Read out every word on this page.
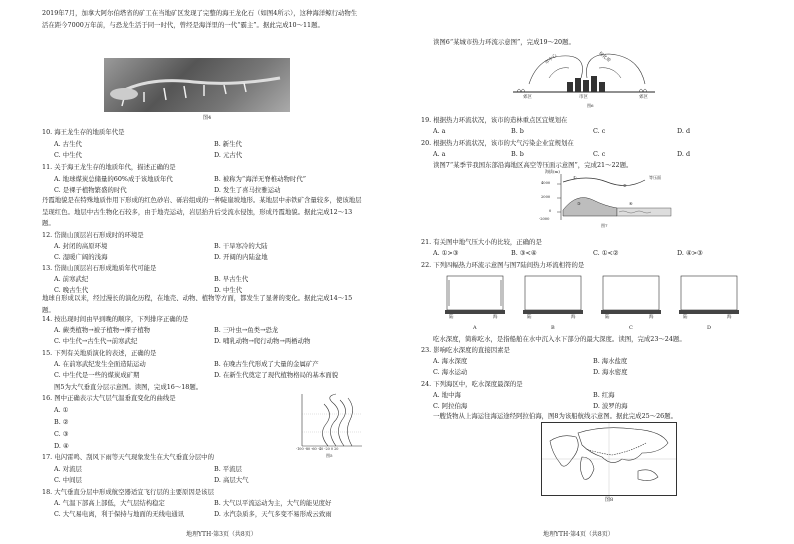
2019年7月，加拿大阿尔伯塔省的矿工在当地矿区发现了完整的海王龙化石（如图4所示），这种海洋鲸行动物生活在距今7000万年前，与恐龙生活于同一时代，曾经是海洋里的一代“霸主”。据此完成10～11题。
图4
10. 海王龙生存的地质年代是
A. 古生代	B. 新生代
C. 中生代	D. 元古代
11. 关于海王龙生存的地质年代，描述正确的是
A. 地球煤炭总储量的60%成于该地质年代	B. 被称为“海洋无脊椎动物时代”
C. 是裸子植物繁盛的时代	D. 发生了喜马拉雅运动
丹霞地貌是在特殊地质作用下形成的红色砂岩、砾岩组成的一种陡崖坡地形。某地层中赤铁矿含量较多，使该地层呈现红色。地层中古生物化石较多，由于地壳运动，岩层抬升后受流水侵蚀，形成丹霞地貌。据此完成12～13题。
12. 岱崮山顶层岩石形成时的环境是
A. 封闭的高原环境	B. 干旱寒冷的大陆
C. 湿暖广阔的浅海	D. 开阔的内陆盆地
13. 岱崮山顶层岩石形成地质年代可能是
A. 前寒武纪	B. 早古生代
C. 晚古生代	D. 中生代
地球自形成以来，经过漫长的演化历程，在地壳、动物、植物等方面，都发生了显著的变化。据此完成14～15题。
14. 按出现时间由早到晚的顺序，下列排序正确的是
A. 蕨类植物→被子植物→裸子植物	B. 三叶虫→鱼类→恐龙
C. 中生代→古生代→前寒武纪	D. 哺乳动物→爬行动物→两栖动物
15. 下列有关地质演化的表述，正确的是
A. 在前寒武纪发生全面造陆运动	B. 在晚古生代形成了大量的金属矿产
C. 中生代是一些的煤炭成矿期	D. 在新生代奠定了现代植物格局的基本面貌
图5为大气垂直分层示意图。读图，完成16～18题。
16. 图中正确表示大气层气温垂直变化的曲线是
A. ①
B. ②
C. ③
D. ④	-100 -80 -60 -40 -20 0 20
图5
17. 电闪雷鸣、刮风下雨等天气现象发生在大气垂直分层中的
A. 对流层	B. 平流层
C. 中间层	D. 高层大气
18. 大气垂直分层中形成航空器适宜飞行层的主要原因是该层
A. 气温下部高上部低，大气层结构稳定	B. 大气以平流运动为主，大气的能见度好
C. 大气易电离，利于保持与地面的无线电通讯	D. 水汽杂质多，天气多变不易形成云致雨
地理YTH·第3页（共8页）
读图6“某城市热力环流示意图”，完成19～20题。
市中心	绿化带
郊区	市区	郊区
图6
19. 根据热力环流状况，该市的造林重点区宜规划在
A. a	B. b	C. c	D. d
20. 根据热力环流状况，该市的大气污染企业宜规划在
A. a	B. b	C. c	D. d
读图7“某季节我国东部沿海地区高空等压面示意图”，完成21～22题。
海拔(m)
等压面
4000
2000
0
-2000
①
②
③	④
图7
21. 有关图中地气压大小的比较，正确的是
A. ①>③	B. ③<④	C. ①<②	D. ④>③
22. 下列四幅热力环流示意图与图7陆间热力环流相符的是
陆	海	陆	海	陆	海	陆	海
A	B	C	D
吃水深度，简称吃水，是指船舶在水中沉入水下部分的最大深度。读图，完成23～24题。
23. 影响吃水深度的直接因素是
A. 海水深度	B. 海水盐度
C. 海水运动	D. 海水密度
24. 下列海区中，吃水深度最深的是
A. 地中海	B. 红海
C. 阿拉伯海	D. 波罗的海
一艘货物从上海运往海运途经阿拉伯海，图8为该船航线示意图。据此完成25～26题。
图8
地理YTH·第4页（共8页）
